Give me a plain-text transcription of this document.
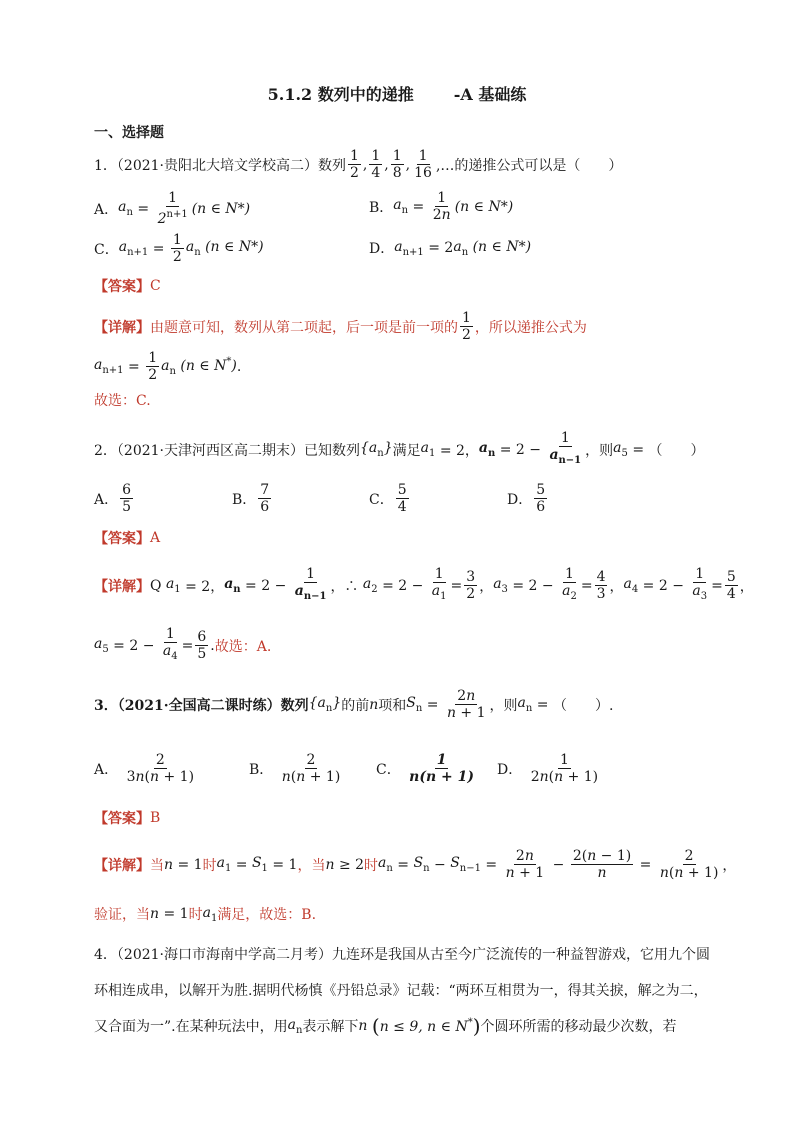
5.1.2 数列中的递推	-A 基础练
一、选择题
1．（2021·贵阳北大培文学校高二）数列 $\frac{1}{2}$ , $\frac{1}{4}$ , $\frac{1}{8}$ , $\frac{1}{16}$ ,…的递推公式可以是（　　）
A． $a_n = \frac{1}{2^{n+1}} (n$ ∈ N*)	B． $a_n = \frac{1}{2n} (n$ ∈ N*)
C． $a_{n+1} = \frac{1}{2} a_n$ (n ∈ N*)	D． $a_{n+1} = 2$ $a_n$ (n ∈ N*)
【答案】 C
【详解】 由题意可知，数列从第二项起，后一项是前一项的 $\frac{1}{2}$ ，所以递推公式为
$a_{n+1} = \frac{1}{2} a_n$ (n ∈ N*) .
故选：C.
2．（2021·天津河西区高二期末）已知数列 $\{a_n\}$ 满足 $a_1 = 2$， $a_n = 2 - \frac{1}{a_{n-1}}$ ，则 $a_5$ = （　　）
A． $\frac{6}{5}$	B． $\frac{7}{6}$	C． $\frac{5}{4}$	D． $\frac{5}{6}$
【答案】 A
【详解】 Q $a_1 = 2$， $a_n = 2 - \frac{1}{a_{n-1}}$ ，∴ $a_2 = 2 - \frac{1}{a_1} = \frac{3}{2}$ ， $a_3 = 2 - \frac{1}{a_2} = \frac{4}{3}$ ， $a_4 = 2 - \frac{1}{a_3} = \frac{5}{4}$ ，
$a_5 = 2 - \frac{1}{a_4} = \frac{6}{5}$ . 故选：A.
3．（2021·全国高二课时练）数列 $\{a_n\}$ 的前 n 项和 $S_n = \frac{2n}{n + 1}$ ，则 $a_n$ = （　　）.
A．
$\frac{2}{3n(n + 1)}$	B．
$\frac{2}{n(n + 1)}$ C．
$\frac{1}{n(n + 1)}$ D．
$\frac{1}{2n(n + 1)}$
【答案】 B
【详解】 当 n = 1 时 $a_1 = S_1 = 1$ ，当 n ≥ 2 时 $a_n = S_n - S_{n-1} = \frac{2n}{n + 1} - \frac{2(n - 1)}{n} = \frac{2}{n(n + 1)}$ ，
验证，当 n = 1 时 $a_1$ 满足，故选：B.
4．（2021·海口市海南中学高二月考）九连环是我国从古至今广泛流传的一种益智游戏，它用九个圆
环相连成串，以解开为胜.据明代杨慎《丹铅总录》记载：“两环互相贯为一，得其关捩，解之为二，
又合面为一”.在某种玩法中，用 $a_n$ 表示解下 n
( n ≤ 9, n ∈ N* ) 个圆环所需的移动最少次数，若
